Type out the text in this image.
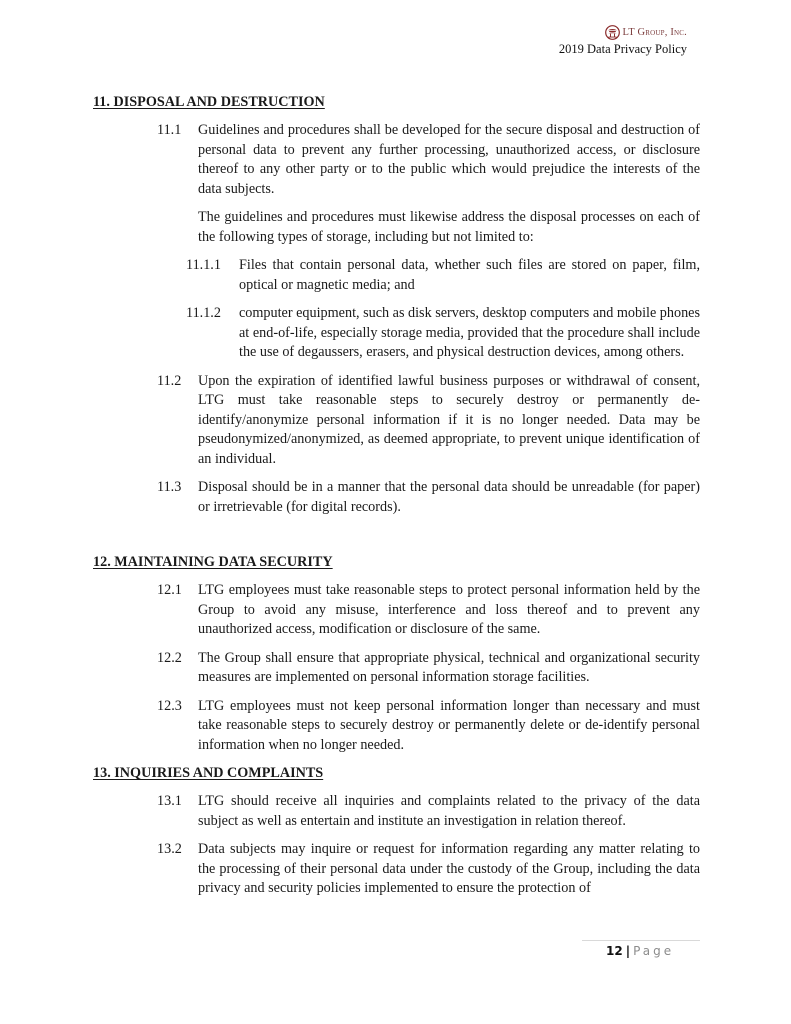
LT Group, Inc.
2019 Data Privacy Policy
11. DISPOSAL AND DESTRUCTION
11.1	Guidelines and procedures shall be developed for the secure disposal and destruction of personal data to prevent any further processing, unauthorized access, or disclosure thereof to any other party or to the public which would prejudice the interests of the data subjects.
The guidelines and procedures must likewise address the disposal processes on each of the following types of storage, including but not limited to:
11.1.1	Files that contain personal data, whether such files are stored on paper, film, optical or magnetic media; and
11.1.2	computer equipment, such as disk servers, desktop computers and mobile phones at end-of-life, especially storage media, provided that the procedure shall include the use of degaussers, erasers, and physical destruction devices, among others.
11.2	Upon the expiration of identified lawful business purposes or withdrawal of consent, LTG must take reasonable steps to securely destroy or permanently de-identify/anonymize personal information if it is no longer needed. Data may be pseudonymized/anonymized, as deemed appropriate, to prevent unique identification of an individual.
11.3	Disposal should be in a manner that the personal data should be unreadable (for paper) or irretrievable (for digital records).
12. MAINTAINING DATA SECURITY
12.1	LTG employees must take reasonable steps to protect personal information held by the Group to avoid any misuse, interference and loss thereof and to prevent any unauthorized access, modification or disclosure of the same.
12.2	The Group shall ensure that appropriate physical, technical and organizational security measures are implemented on personal information storage facilities.
12.3	LTG employees must not keep personal information longer than necessary and must take reasonable steps to securely destroy or permanently delete or de-identify personal information when no longer needed.
13. INQUIRIES AND COMPLAINTS
13.1	LTG should receive all inquiries and complaints related to the privacy of the data subject as well as entertain and institute an investigation in relation thereof.
13.2	Data subjects may inquire or request for information regarding any matter relating to the processing of their personal data under the custody of the Group, including the data privacy and security policies implemented to ensure the protection of
12 | Page
